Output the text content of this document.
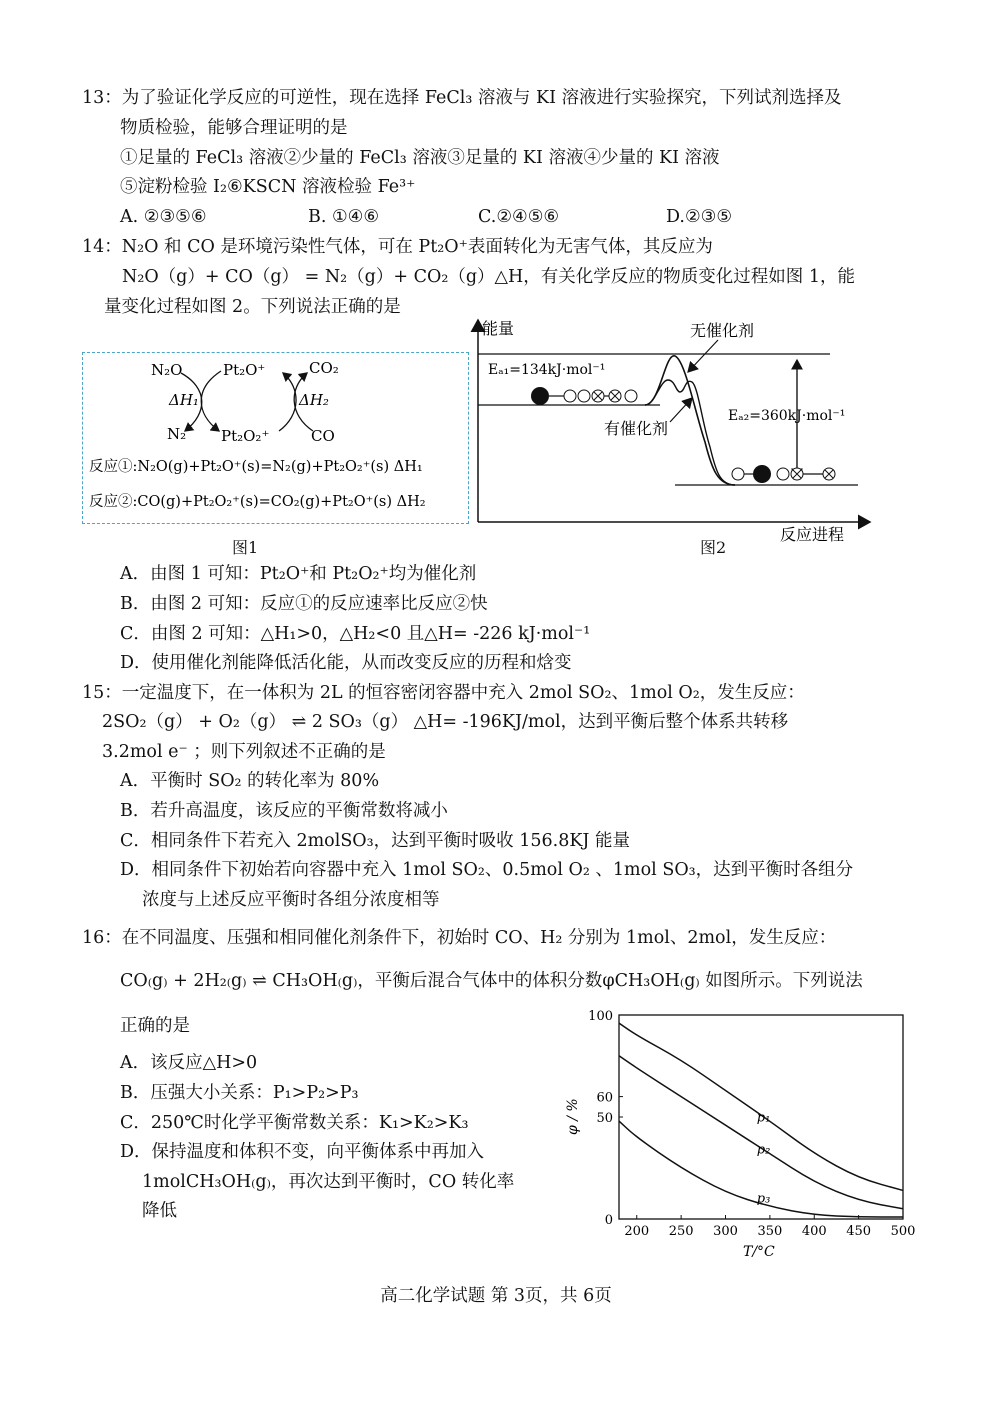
13：为了验证化学反应的可逆性，现在选择 FeCl₃ 溶液与 KI 溶液进行实验探究，下列试剂选择及
物质检验，能够合理证明的是
①足量的 FeCl₃ 溶液②少量的 FeCl₃ 溶液③足量的 KI 溶液④少量的 KI 溶液
⑤淀粉检验 I₂⑥KSCN 溶液检验 Fe³⁺
A. ②③⑤⑥	B. ①④⑥	C.②④⑤⑥	D.②③⑤
14：N₂O 和 CO 是环境污染性气体，可在 Pt₂O⁺表面转化为无害气体，其反应为
N₂O（g）+ CO（g） = N₂（g）+ CO₂（g）△H，有关化学反应的物质变化过程如图 1，能
量变化过程如图 2。下列说法正确的是
N₂O	Pt₂O⁺	CO₂
ΔH₁	ΔH₂
N₂ Pt₂O₂⁺	CO
反应①:N₂O(g)+Pt₂O⁺(s)=N₂(g)+Pt₂O₂⁺(s) ΔH₁
反应②:CO(g)+Pt₂O₂⁺(s)=CO₂(g)+Pt₂O⁺(s) ΔH₂
图1
能量
反应进程
Eₐ₁=134kJ·mol⁻¹
Eₐ₂=360kJ·mol⁻¹
无催化剂
有催化剂
图2
A．由图 1 可知：Pt₂O⁺和 Pt₂O₂⁺均为催化剂
B．由图 2 可知：反应①的反应速率比反应②快
C．由图 2 可知：△H₁>0，△H₂<0 且△H= -226 kJ·mol⁻¹
D．使用催化剂能降低活化能，从而改变反应的历程和焓变
15：一定温度下，在一体积为 2L 的恒容密闭容器中充入 2mol SO₂、1mol O₂，发生反应：
2SO₂（g） + O₂（g） ⇌ 2 SO₃（g） △H= -196KJ/mol，达到平衡后整个体系共转移
3.2mol e⁻ ；则下列叙述不正确的是
A．平衡时 SO₂ 的转化率为 80%
B．若升高温度，该反应的平衡常数将减小
C．相同条件下若充入 2molSO₃，达到平衡时吸收 156.8KJ 能量
D．相同条件下初始若向容器中充入 1mol SO₂、0.5mol O₂ 、1mol SO₃，达到平衡时各组分
浓度与上述反应平衡时各组分浓度相等
16：在不同温度、压强和相同催化剂条件下，初始时 CO、H₂ 分别为 1mol、2mol，发生反应：
CO₍g₎ + 2H₂₍g₎ ⇌ CH₃OH₍g₎，平衡后混合气体中的体积分数φCH₃OH₍g₎ 如图所示。下列说法
正确的是
A．该反应△H>0
B．压强大小关系：P₁>P₂>P₃
C．250℃时化学平衡常数关系：K₁>K₂>K₃
D．保持温度和体积不变，向平衡体系中再加入
1molCH₃OH₍g₎，再次达到平衡时，CO 转化率
降低	0
50
60
100
200 250 300 350 400 450 500
p₁
p₂
p₃
φ / %
T/°C
高二化学试题 第 3页，共 6页
